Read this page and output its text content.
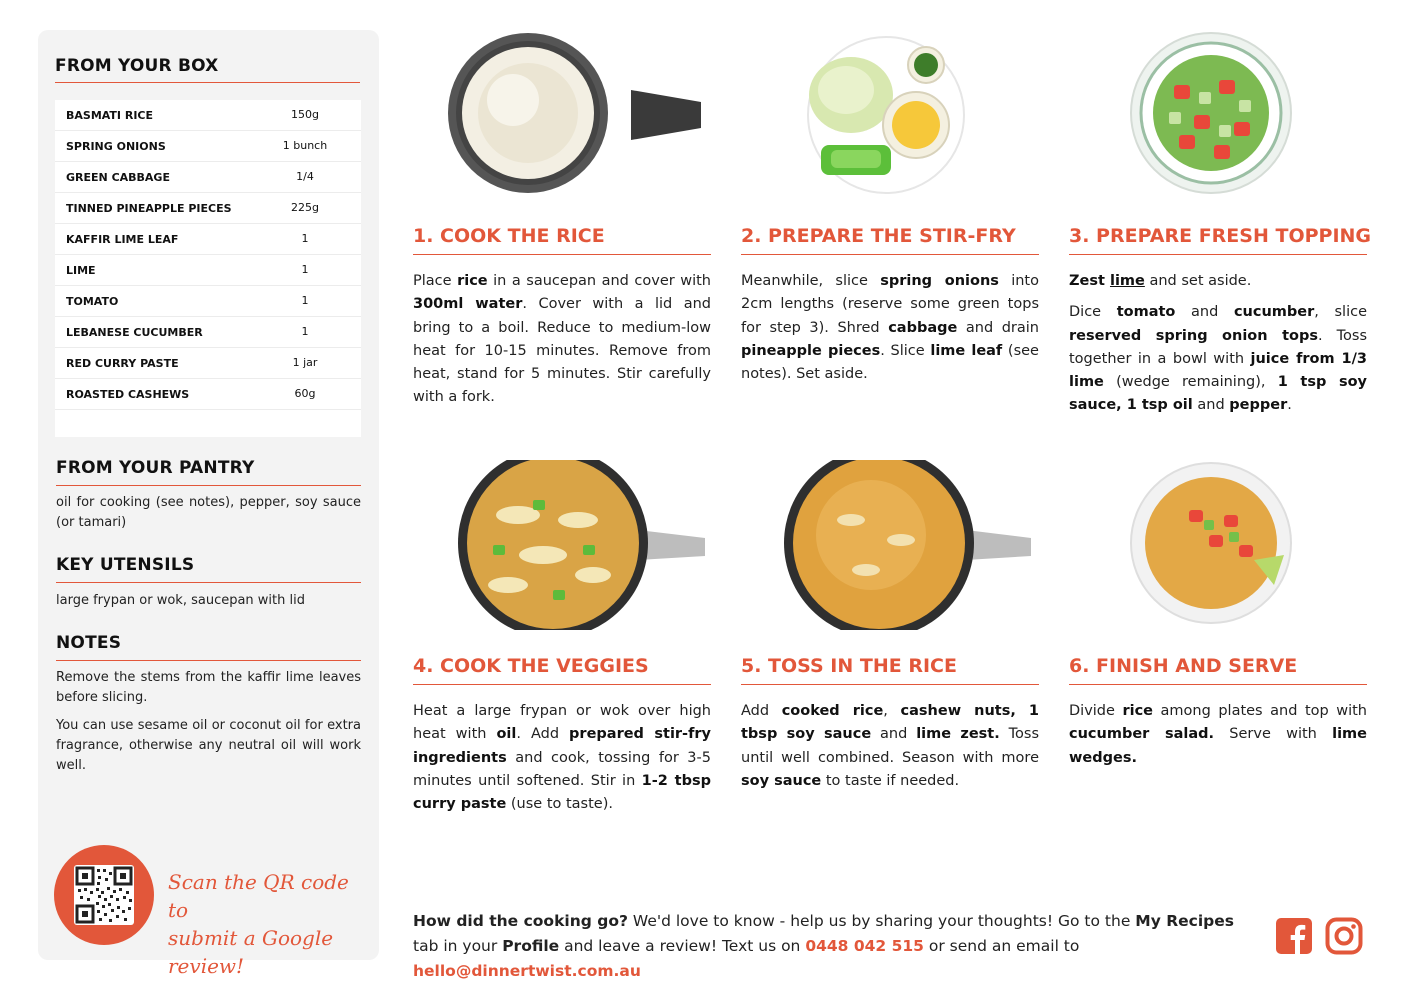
FROM YOUR BOX
BASMATI RICE	150g
SPRING ONIONS	1 bunch
GREEN CABBAGE	1/4
TINNED PINEAPPLE PIECES	225g
KAFFIR LIME LEAF	1
LIME	1
TOMATO	1
LEBANESE CUCUMBER	1
RED CURRY PASTE	1 jar
ROASTED CASHEWS	60g
FROM YOUR PANTRY
oil for cooking (see notes), pepper, soy sauce (or tamari)
KEY UTENSILS
large frypan or wok, saucepan with lid
NOTES
Remove the stems from the kaffir lime leaves before slicing.
You can use sesame oil or coconut oil for extra fragrance, otherwise any neutral oil will work well.
Scan the QR code to
submit a Google review!
1. COOK THE RICE

Place rice in a saucepan and cover with 300ml water. Cover with a lid and bring to a boil. Reduce to medium-low heat for 10-15 minutes. Remove from heat, stand for 5 minutes. Stir carefully with a fork.

2. PREPARE THE STIR-FRY

Meanwhile, slice spring onions into 2cm lengths (reserve some green tops for step 3). Shred cabbage and drain pineapple pieces. Slice lime leaf (see notes). Set aside.

3. PREPARE FRESH TOPPING

Zest lime and set aside.

Dice tomato and cucumber, slice reserved spring onion tops. Toss together in a bowl with juice from 1/3 lime (wedge remaining), 1 tsp soy sauce, 1 tsp oil and pepper.

4. COOK THE VEGGIES

Heat a large frypan or wok over high heat with oil. Add prepared stir-fry ingredients and cook, tossing for 3-5 minutes until softened. Stir in 1-2 tbsp curry paste (use to taste).

5. TOSS IN THE RICE

Add cooked rice, cashew nuts, 1 tbsp soy sauce and lime zest. Toss until well combined. Season with more soy sauce to taste if needed.

6. FINISH AND SERVE

Divide rice among plates and top with cucumber salad. Serve with lime wedges.

How did the cooking go? We'd love to know - help us by sharing your thoughts! Go to the My Recipes tab in your Profile and leave a review! Text us on 0448 042 515 or send an email to hello@dinnertwist.com.au
